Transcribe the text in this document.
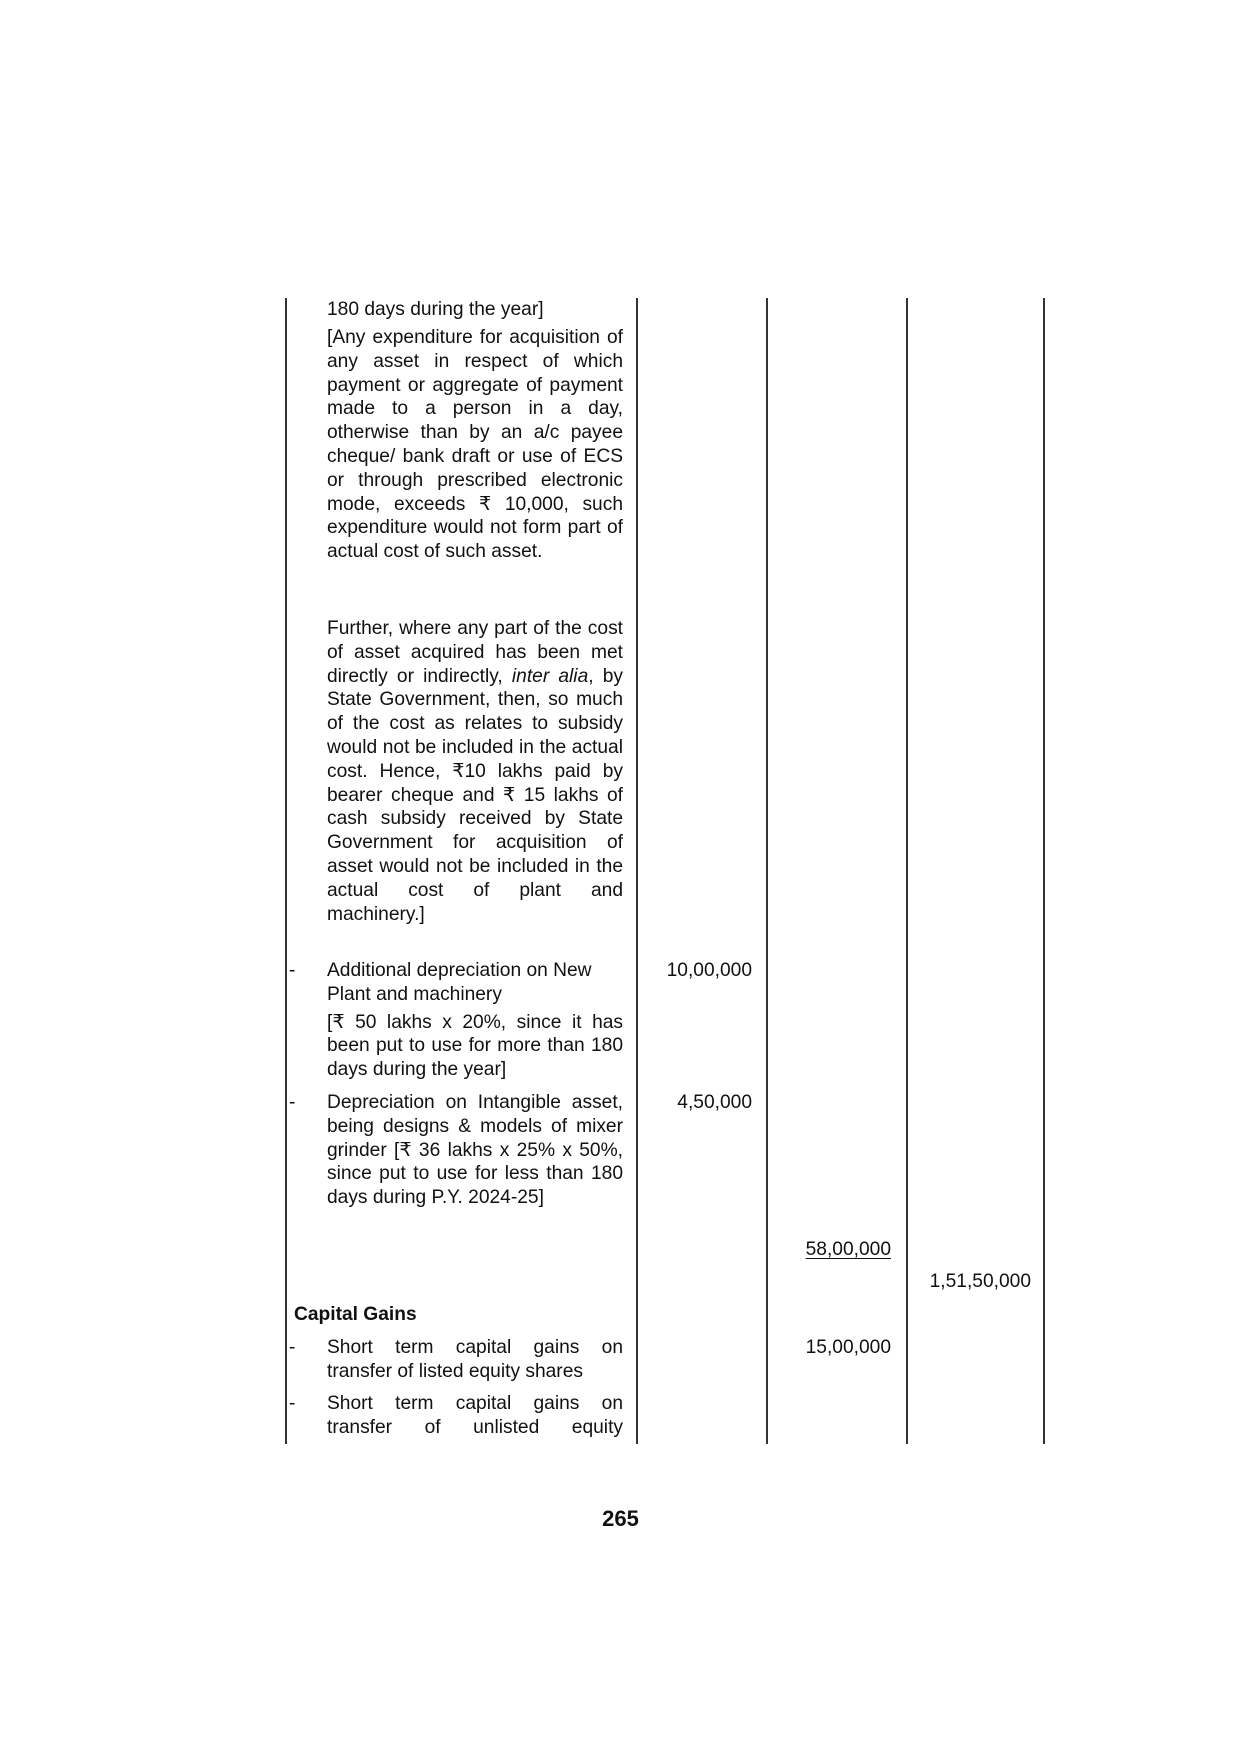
180 days during the year]

[Any expenditure for acquisition of any asset in respect of which payment or aggregate of payment made to a person in a day, otherwise than by an a/c payee cheque/ bank draft or use of ECS or through prescribed electronic mode, exceeds ₹ 10,000, such expenditure would not form part of actual cost of such asset.

Further, where any part of the cost of asset acquired has been met directly or indirectly, inter alia, by State Government, then, so much of the cost as relates to subsidy would not be included in the actual cost. Hence, ₹10 lakhs paid by bearer cheque and ₹ 15 lakhs of cash subsidy received by State Government for acquisition of asset would not be included in the actual cost of plant and machinery.]

- Additional depreciation on New Plant and machinery

[₹ 50 lakhs x 20%, since it has been put to use for more than 180 days during the year]

10,00,000
- Depreciation on Intangible asset, being designs & models of mixer grinder [₹ 36 lakhs x 25% x 50%, since put to use for less than 180 days during P.Y. 2024-25]

4,50,000
58,00,000
1,51,50,000
Capital Gains
- Short term capital gains on transfer of listed equity shares

15,00,000
- Short term capital gains on transfer of unlisted equity

265
